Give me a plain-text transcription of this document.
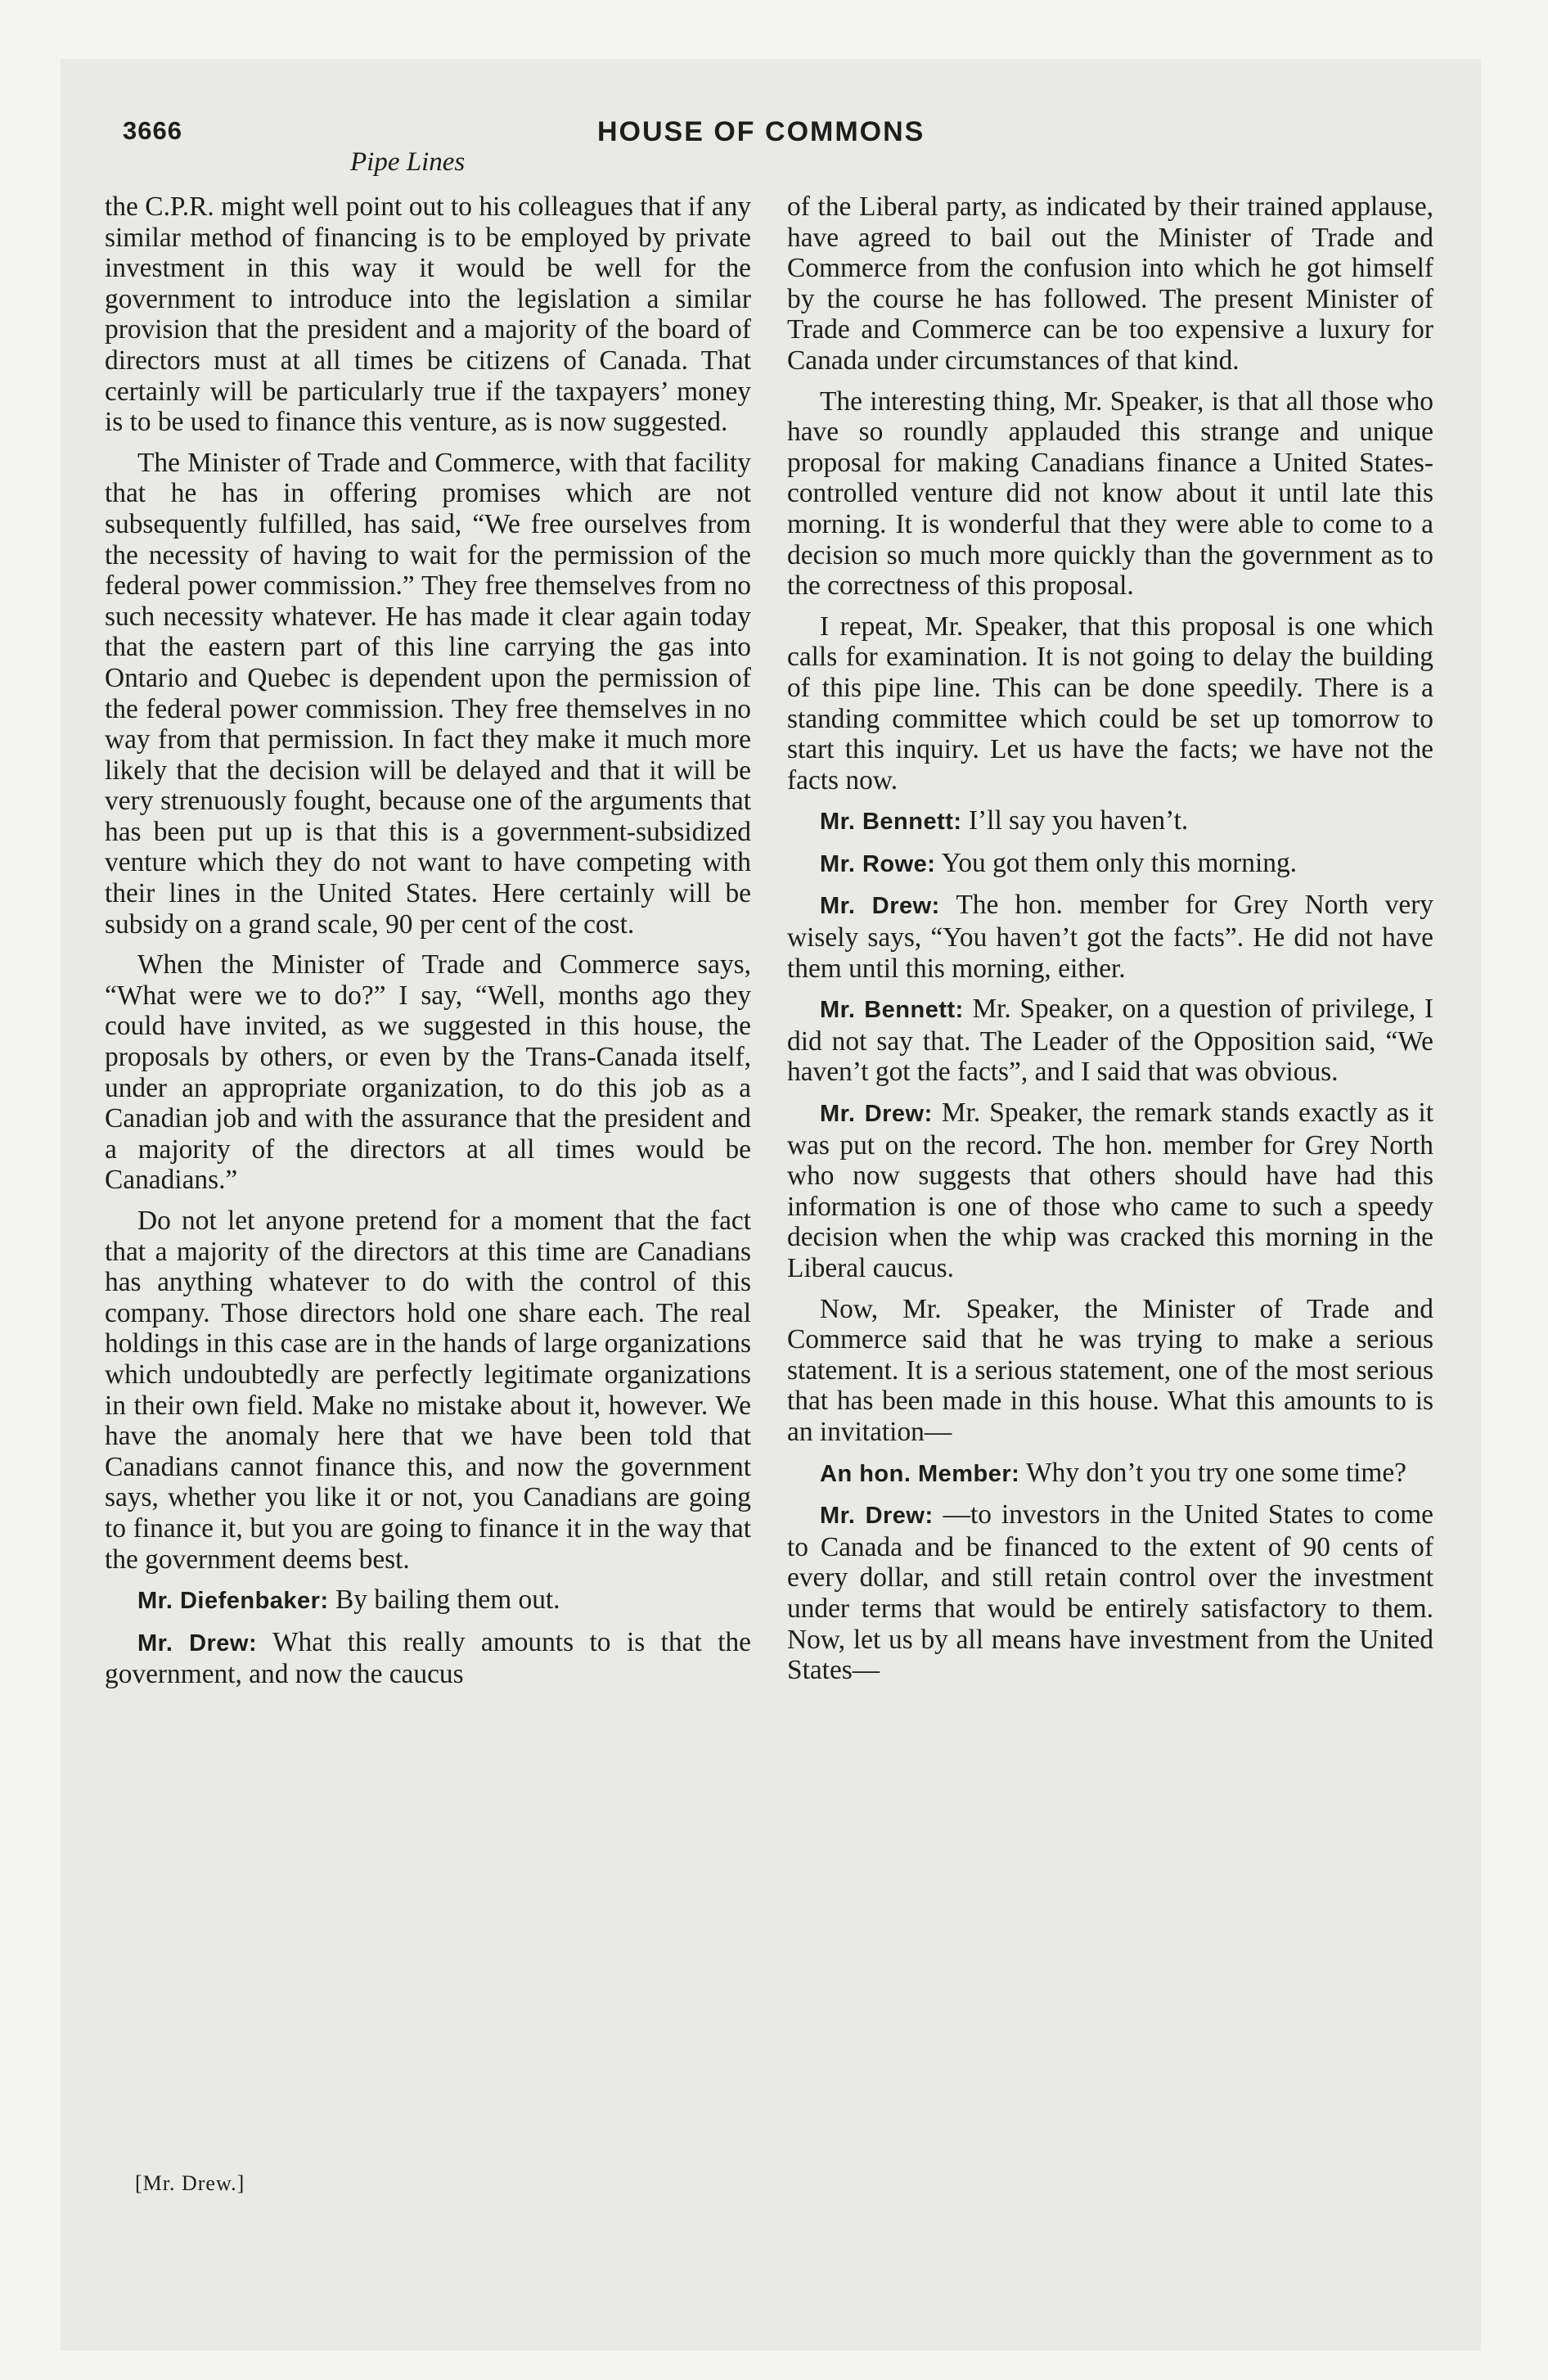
3666	HOUSE OF COMMONS
Pipe Lines

the C.P.R. might well point out to his colleagues that if any similar method of financing is to be employed by private investment in this way it would be well for the government to introduce into the legislation a similar provision that the president and a majority of the board of directors must at all times be citizens of Canada. That certainly will be particularly true if the taxpayers’ money is to be used to finance this venture, as is now suggested.

The Minister of Trade and Commerce, with that facility that he has in offering promises which are not subsequently fulfilled, has said, “We free ourselves from the necessity of having to wait for the permission of the federal power commission.” They free themselves from no such necessity whatever. He has made it clear again today that the eastern part of this line carrying the gas into Ontario and Quebec is dependent upon the permission of the federal power commission. They free themselves in no way from that permission. In fact they make it much more likely that the decision will be delayed and that it will be very strenuously fought, because one of the arguments that has been put up is that this is a government-subsidized venture which they do not want to have competing with their lines in the United States. Here certainly will be subsidy on a grand scale, 90 per cent of the cost.

When the Minister of Trade and Commerce says, “What were we to do?” I say, “Well, months ago they could have invited, as we suggested in this house, the proposals by others, or even by the Trans-Canada itself, under an appropriate organization, to do this job as a Canadian job and with the assurance that the president and a majority of the directors at all times would be Canadians.”

Do not let anyone pretend for a moment that the fact that a majority of the directors at this time are Canadians has anything whatever to do with the control of this company. Those directors hold one share each. The real holdings in this case are in the hands of large organizations which undoubtedly are perfectly legitimate organizations in their own field. Make no mistake about it, however. We have the anomaly here that we have been told that Canadians cannot finance this, and now the government says, whether you like it or not, you Canadians are going to finance it, but you are going to finance it in the way that the government deems best.

Mr. Diefenbaker: By bailing them out.

Mr. Drew: What this really amounts to is that the government, and now the caucus

of the Liberal party, as indicated by their trained applause, have agreed to bail out the Minister of Trade and Commerce from the confusion into which he got himself by the course he has followed. The present Minister of Trade and Commerce can be too expensive a luxury for Canada under circumstances of that kind.

The interesting thing, Mr. Speaker, is that all those who have so roundly applauded this strange and unique proposal for making Canadians finance a United States-controlled venture did not know about it until late this morning. It is wonderful that they were able to come to a decision so much more quickly than the government as to the correctness of this proposal.

I repeat, Mr. Speaker, that this proposal is one which calls for examination. It is not going to delay the building of this pipe line. This can be done speedily. There is a standing committee which could be set up tomorrow to start this inquiry. Let us have the facts; we have not the facts now.

Mr. Bennett: I’ll say you haven’t.

Mr. Rowe: You got them only this morning.

Mr. Drew: The hon. member for Grey North very wisely says, “You haven’t got the facts”. He did not have them until this morning, either.

Mr. Bennett: Mr. Speaker, on a question of privilege, I did not say that. The Leader of the Opposition said, “We haven’t got the facts”, and I said that was obvious.

Mr. Drew: Mr. Speaker, the remark stands exactly as it was put on the record. The hon. member for Grey North who now suggests that others should have had this information is one of those who came to such a speedy decision when the whip was cracked this morning in the Liberal caucus.

Now, Mr. Speaker, the Minister of Trade and Commerce said that he was trying to make a serious statement. It is a serious statement, one of the most serious that has been made in this house. What this amounts to is an invitation—

An hon. Member: Why don’t you try one some time?

Mr. Drew: —to investors in the United States to come to Canada and be financed to the extent of 90 cents of every dollar, and still retain control over the investment under terms that would be entirely satisfactory to them. Now, let us by all means have investment from the United States—

[Mr. Drew.]
